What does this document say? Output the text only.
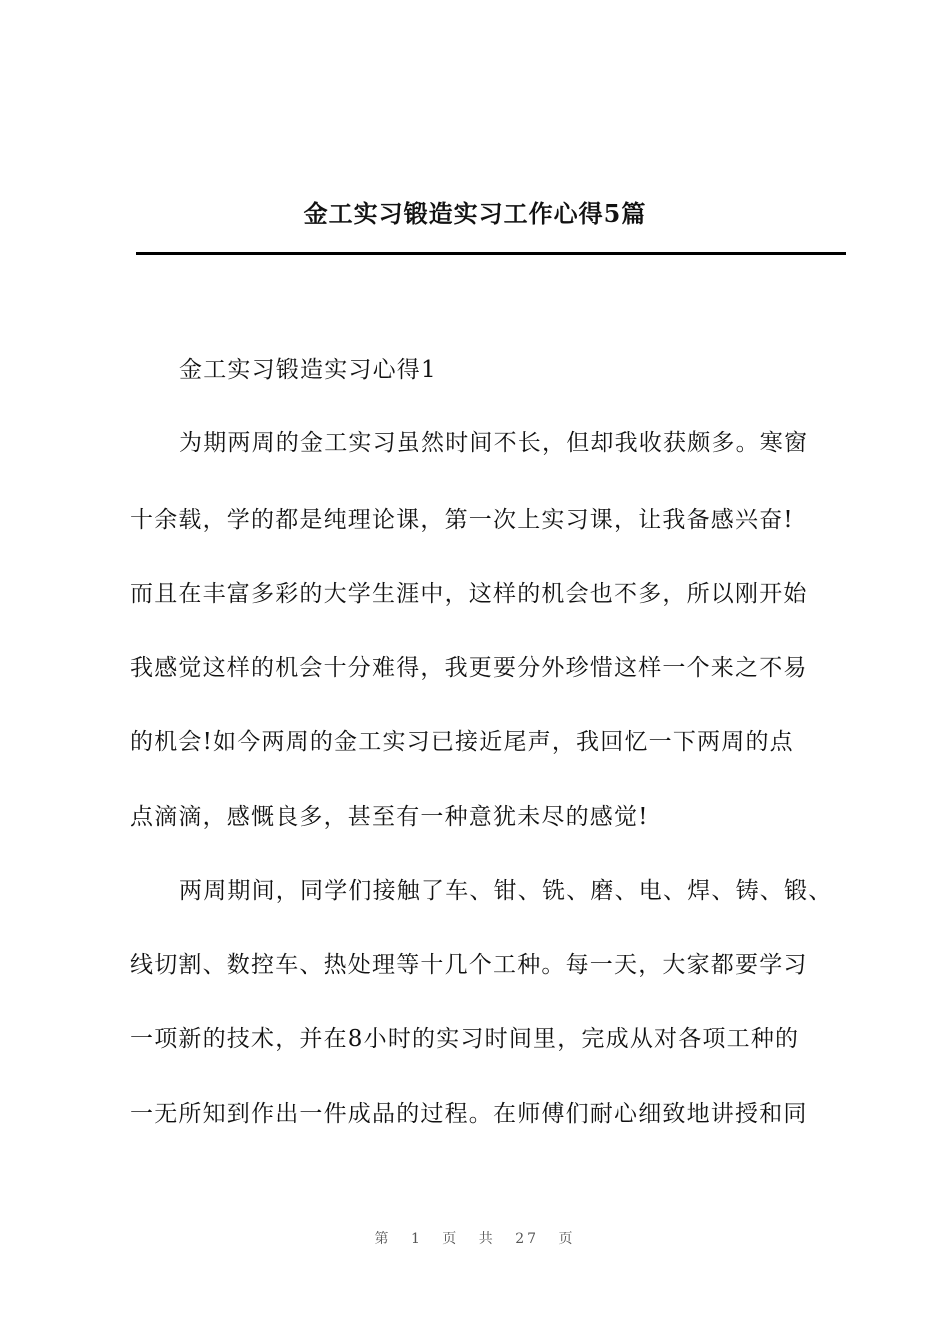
金工实习锻造实习工作心得5篇
金工实习锻造实习心得1
为期两周的金工实习虽然时间不长，但却我收获颇多。寒窗
十余载，学的都是纯理论课，第一次上实习课，让我备感兴奋!
而且在丰富多彩的大学生涯中，这样的机会也不多，所以刚开始
我感觉这样的机会十分难得，我更要分外珍惜这样一个来之不易
的机会!如今两周的金工实习已接近尾声，我回忆一下两周的点
点滴滴，感慨良多，甚至有一种意犹未尽的感觉!
两周期间，同学们接触了车、钳、铣、磨、电、焊、铸、锻、
线切割、数控车、热处理等十几个工种。每一天，大家都要学习
一项新的技术，并在8小时的实习时间里，完成从对各项工种的
一无所知到作出一件成品的过程。在师傅们耐心细致地讲授和同
第 1 页 共 27 页
